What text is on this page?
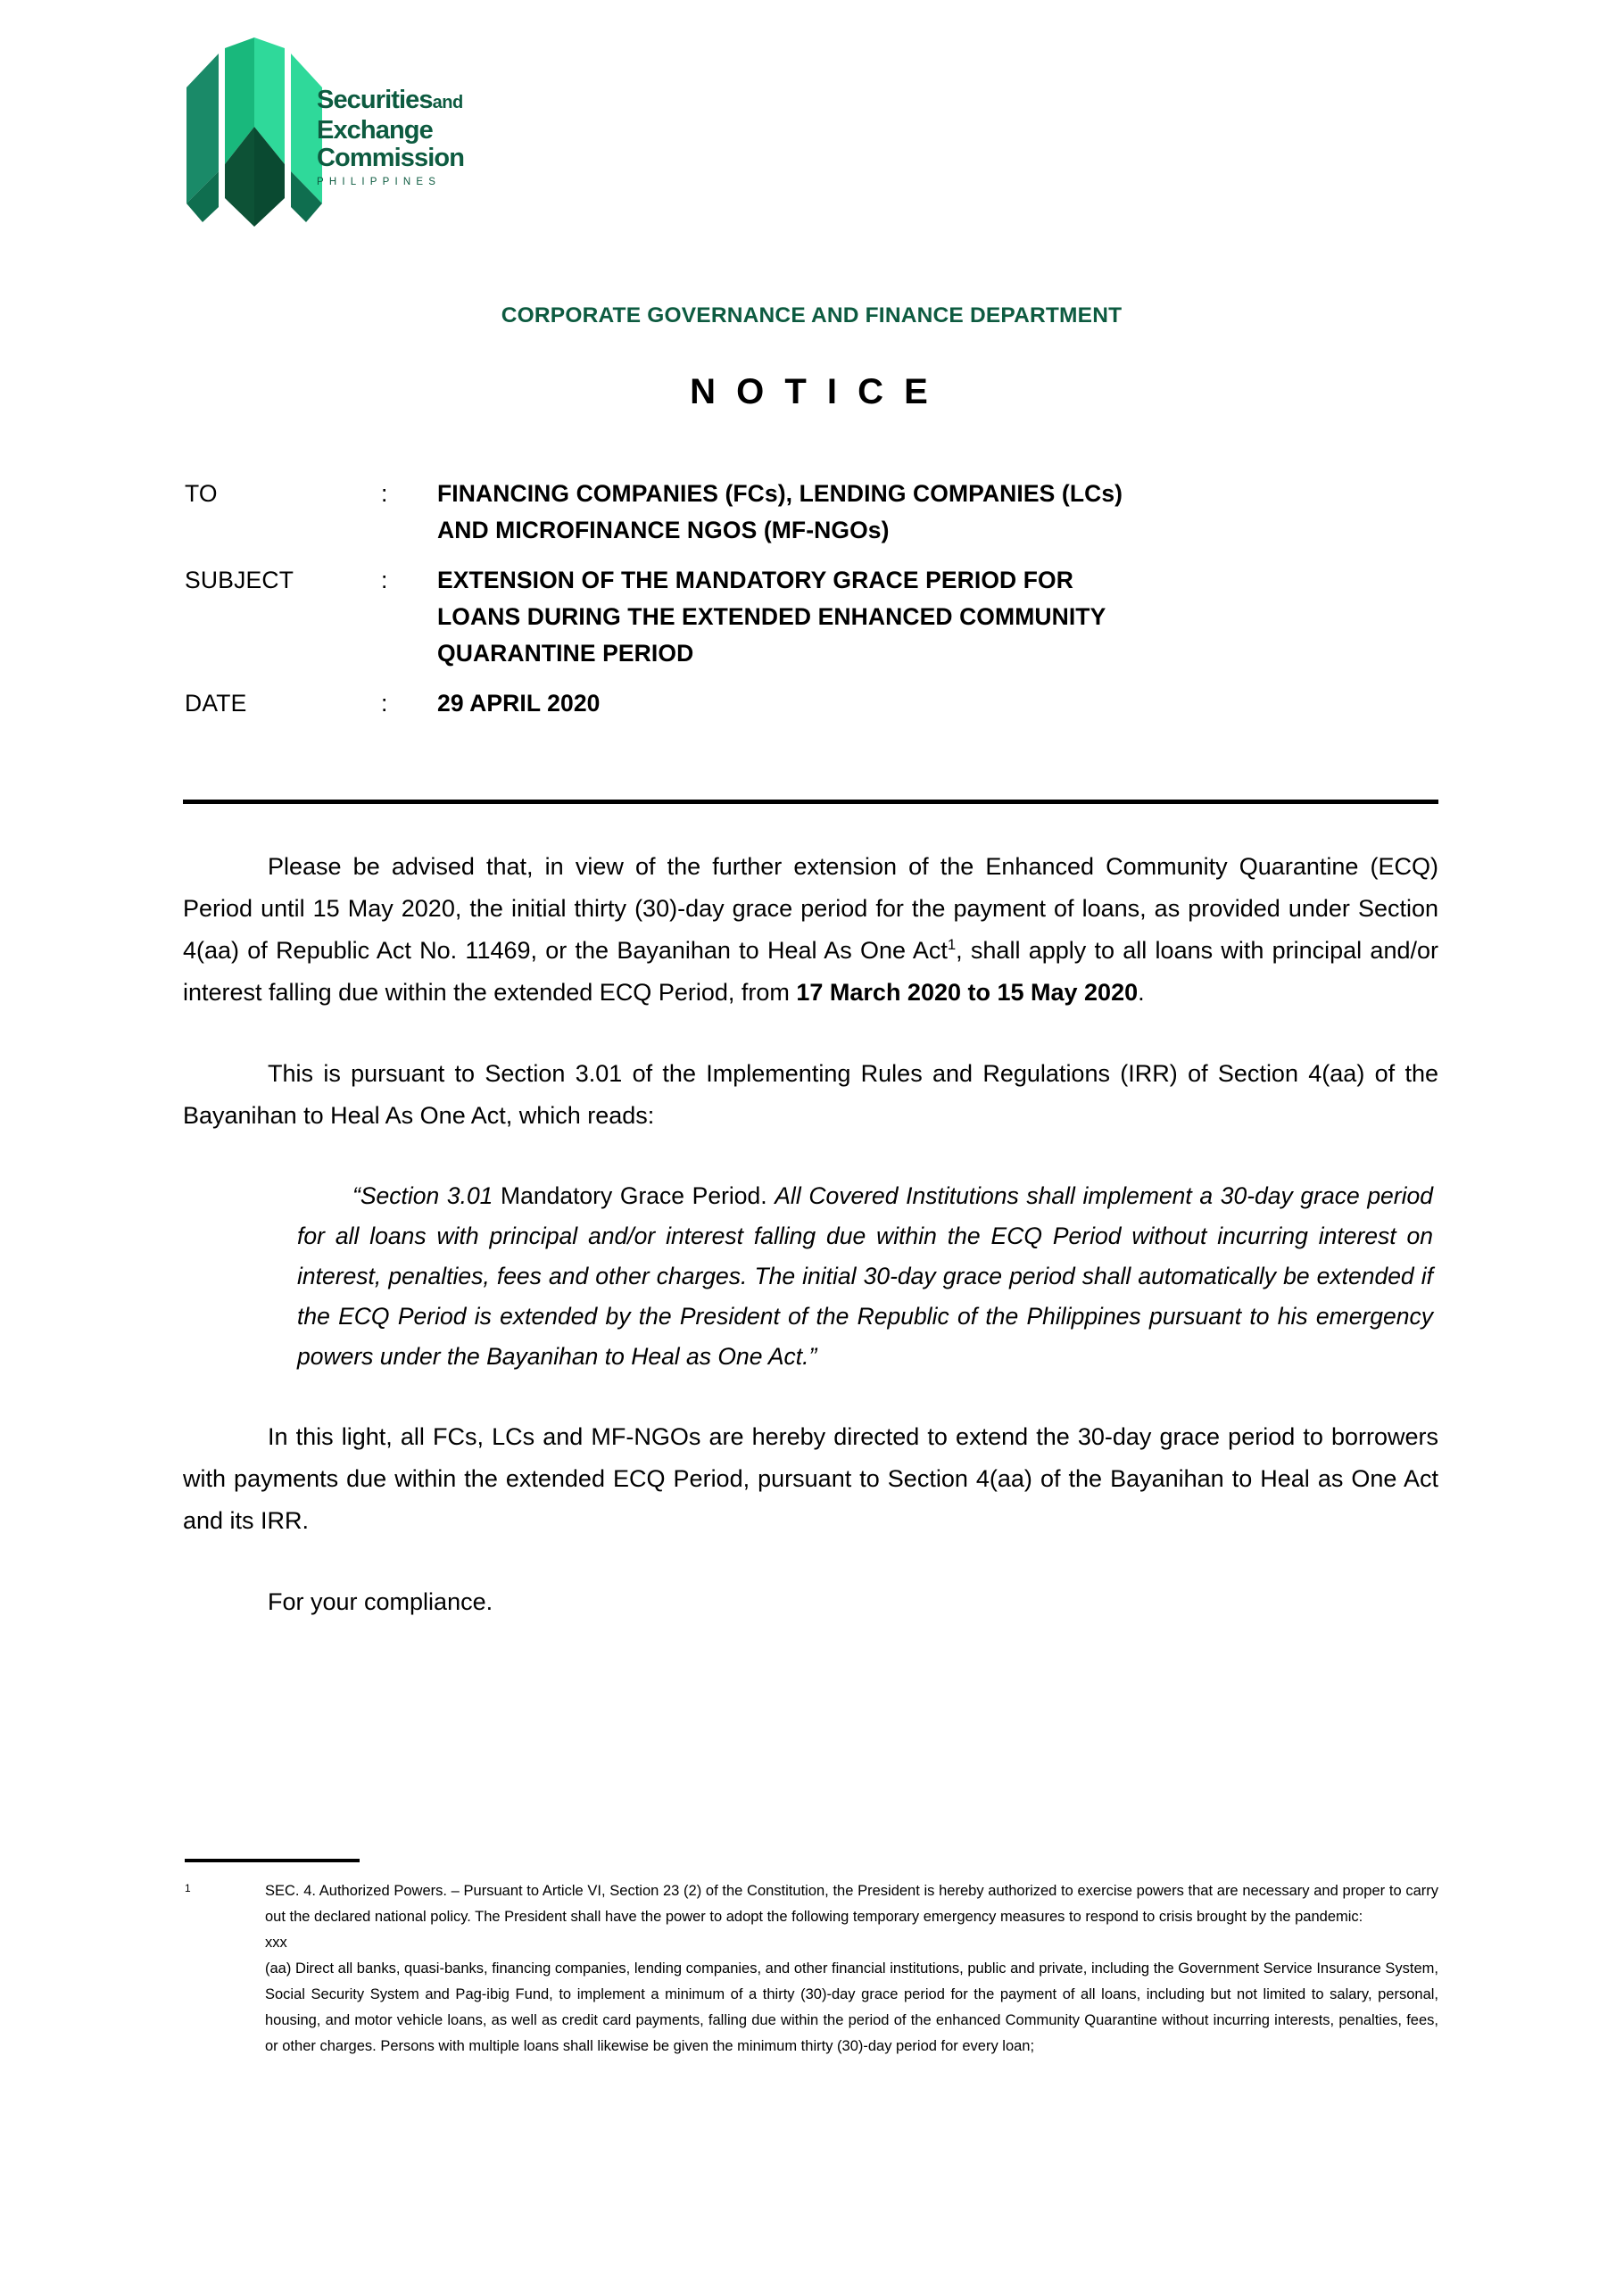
Securitiesand
Exchange
Commission
PHILIPPINES
CORPORATE GOVERNANCE AND FINANCE DEPARTMENT
N O T I C E
TO	:	FINANCING COMPANIES (FCs), LENDING COMPANIES (LCs)
AND MICROFINANCE NGOS (MF-NGOs)
SUBJECT	:	EXTENSION OF THE MANDATORY GRACE PERIOD FOR
LOANS DURING THE EXTENDED ENHANCED COMMUNITY
QUARANTINE PERIOD
DATE	:	29 APRIL 2020

Please be advised that, in view of the further extension of the Enhanced Community Quarantine (ECQ) Period until 15 May 2020, the initial thirty (30)-day grace period for the payment of loans, as provided under Section 4(aa) of Republic Act No. 11469, or the Bayanihan to Heal As One Act$^1$, shall apply to all loans with principal and/or interest falling due within the extended ECQ Period, from 17 March 2020 to 15 May 2020.

This is pursuant to Section 3.01 of the Implementing Rules and Regulations (IRR) of Section 4(aa) of the Bayanihan to Heal As One Act, which reads:

“Section 3.01 Mandatory Grace Period. All Covered Institutions shall implement a 30-day grace period for all loans with principal and/or interest falling due within the ECQ Period without incurring interest on interest, penalties, fees and other charges. The initial 30-day grace period shall automatically be extended if the ECQ Period is extended by the President of the Republic of the Philippines pursuant to his emergency powers under the Bayanihan to Heal as One Act.”

In this light, all FCs, LCs and MF-NGOs are hereby directed to extend the 30-day grace period to borrowers with payments due within the extended ECQ Period, pursuant to Section 4(aa) of the Bayanihan to Heal as One Act and its IRR.

For your compliance.

1	SEC. 4. Authorized Powers. – Pursuant to Article VI, Section 23 (2) of the Constitution, the President is hereby authorized to exercise powers that are necessary and proper to carry out the declared national policy. The President shall have the power to adopt the following temporary emergency measures to respond to crisis brought by the pandemic:

xxx

(aa) Direct all banks, quasi-banks, financing companies, lending companies, and other financial institutions, public and private, including the Government Service Insurance System, Social Security System and Pag-ibig Fund, to implement a minimum of a thirty (30)-day grace period for the payment of all loans, including but not limited to salary, personal, housing, and motor vehicle loans, as well as credit card payments, falling due within the period of the enhanced Community Quarantine without incurring interests, penalties, fees, or other charges. Persons with multiple loans shall likewise be given the minimum thirty (30)-day period for every loan;
